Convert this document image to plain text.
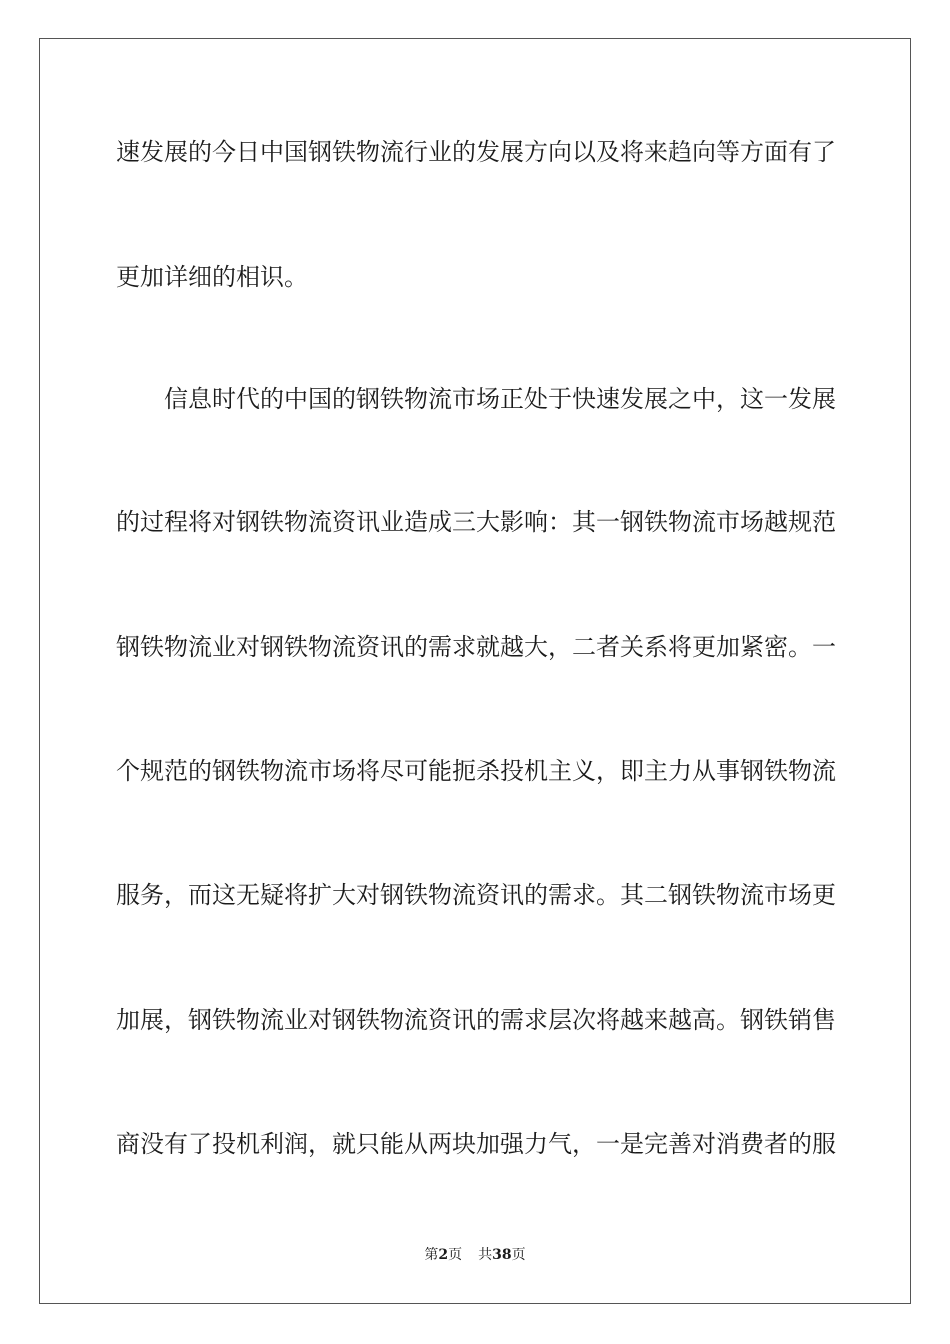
速发展的今日中国钢铁物流行业的发展方向以及将来趋向等方面有了
更加详细的相识。
信息时代的中国的钢铁物流市场正处于快速发展之中，这一发展
的过程将对钢铁物流资讯业造成三大影响：其一钢铁物流市场越规范
钢铁物流业对钢铁物流资讯的需求就越大，二者关系将更加紧密。一
个规范的钢铁物流市场将尽可能扼杀投机主义，即主力从事钢铁物流
服务，而这无疑将扩大对钢铁物流资讯的需求。其二钢铁物流市场更
加展，钢铁物流业对钢铁物流资讯的需求层次将越来越高。钢铁销售
商没有了投机利润，就只能从两块加强力气，一是完善对消费者的服
第2页 共38页
